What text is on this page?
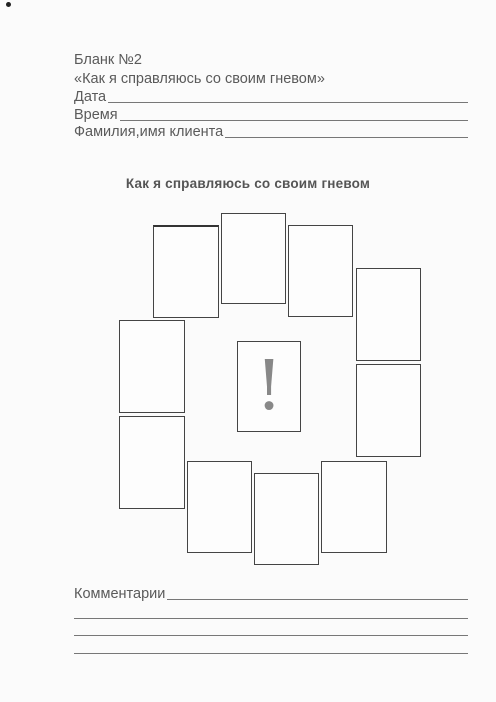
Бланк №2
«Как я справляюсь со своим гневом»
Дата
Время
Фамилия,имя клиента
Как я справляюсь со своим гневом
!
Комментарии
